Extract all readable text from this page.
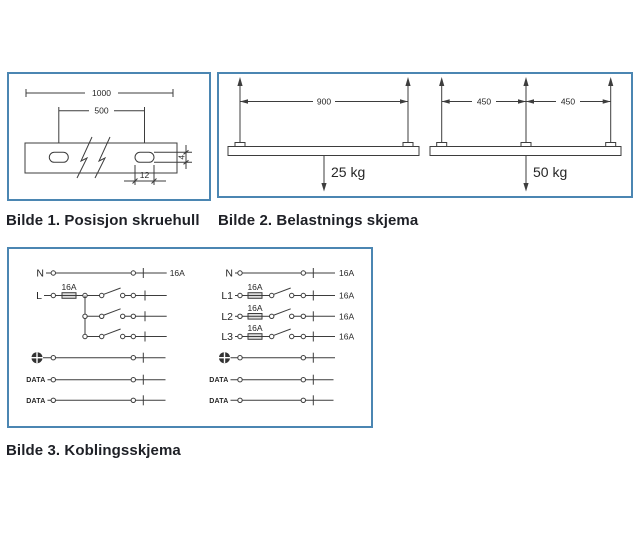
1000
500
4
12
Bilde 1. Posisjon skruehull
900
25 kg
450	450
50 kg
Bilde 2. Belastnings skjema
N	16A
L
16A
DATA
DATA
N	16A
L1
16A
16A
L2
16A
16A
L3
16A
16A
DATA
DATA
Bilde 3. Koblingsskjema
